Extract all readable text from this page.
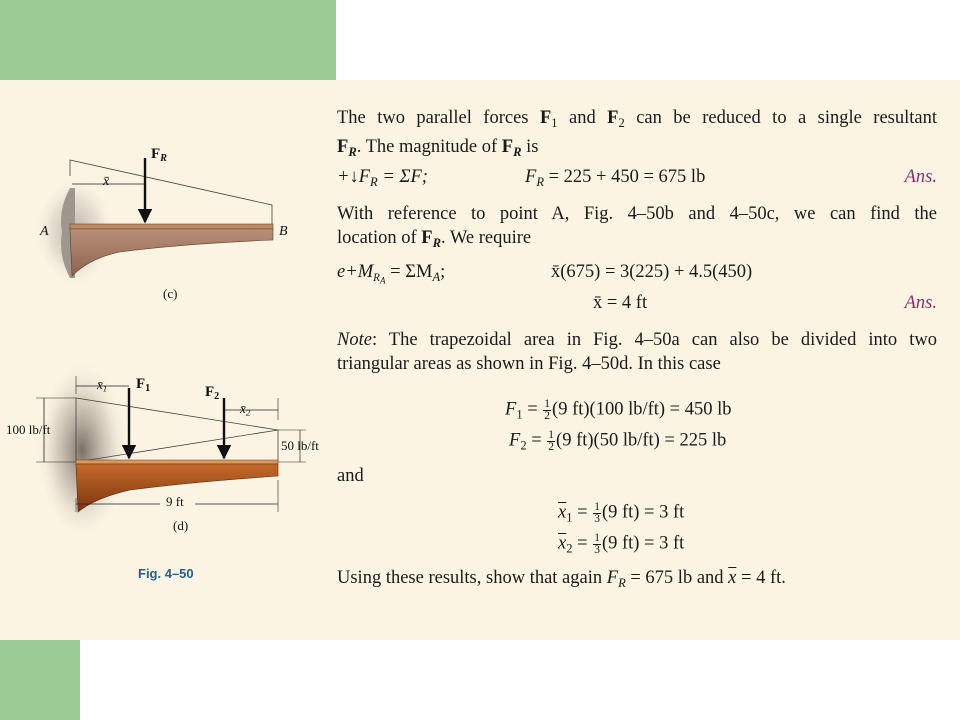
$F_R$
x̄
A	B
(c)
$F_1$	$F_2$
$x̄_1$
$x̄_2$
100 lb/ft
50 lb/ft
9 ft
(d)
Fig. 4–50

The two parallel forces $F_1$ and $F_2$ can be reduced to a single resultant

$F_R$. The magnitude of $F_R$ is

$+↓F_R = \Sigma F$;	$F_R = 225 + 450 = 675$ lb	Ans.

With reference to point A, Fig. 4–50b and 4–50c, we can find the

location of $F_R$. We require

$e+M_{RA} = \Sigma M_A$;	x̄(675) = 3(225) + 4.5(450)
x̄ = 4 ft	Ans.

Note: The trapezoidal area in Fig. 4–50a can also be divided into two

triangular areas as shown in Fig. 4–50d. In this case

$F_1 = \frac{1}{2} (9$ ft)(100 lb/ft) = 450 lb
$F_2 = \frac{1}{2} (9$ ft)(50 lb/ft) = 225 lb
and
$\overline{x}_1 = \frac{1}{3} (9$ ft) = 3 ft
$\overline{x}_2 = \frac{1}{3} (9$ ft) = 3 ft
Using these results, show that again $F_R = 675$ lb and $\overline{x} = 4$ ft.
